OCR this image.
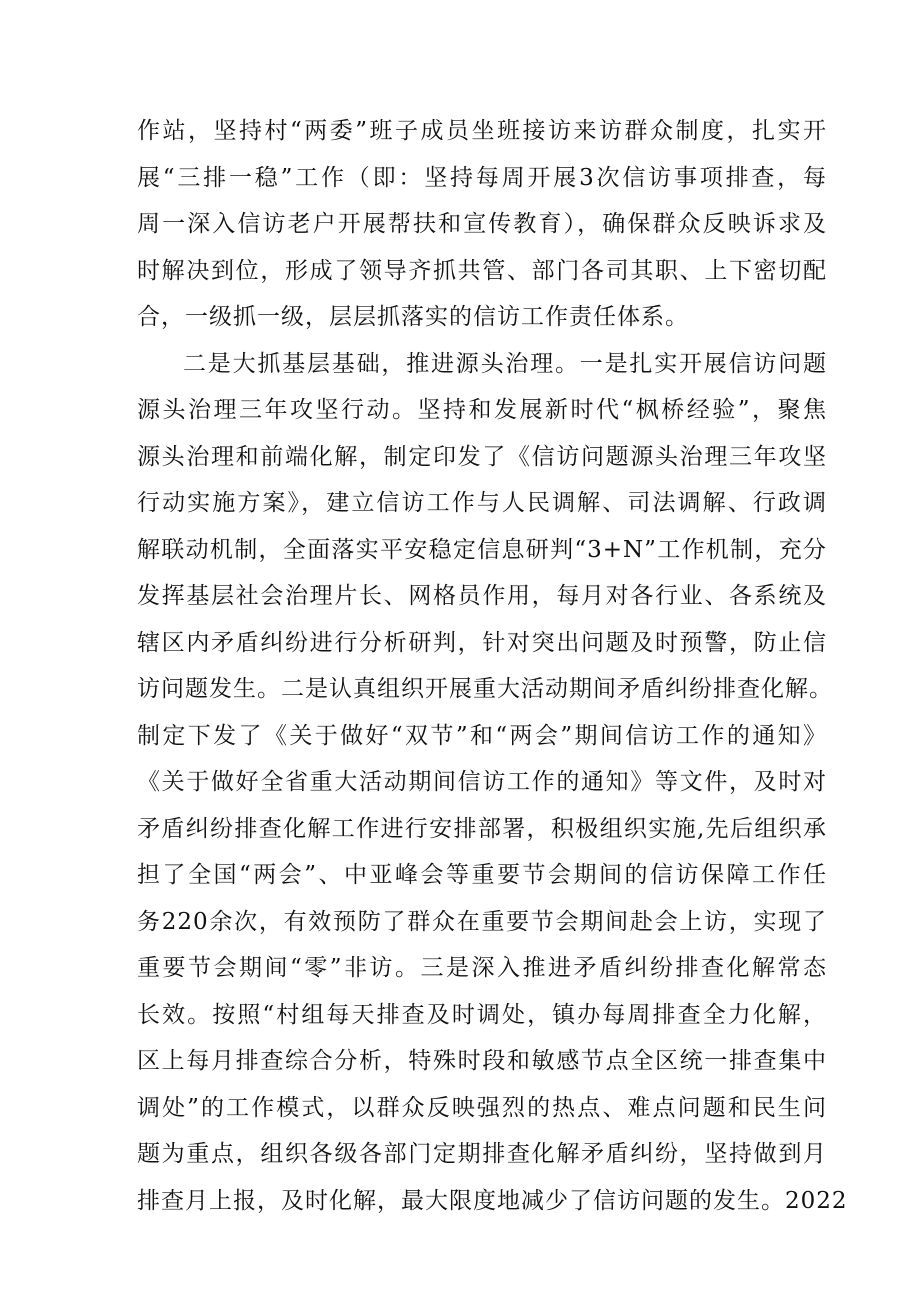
作站，坚持村“两委”班子成员坐班接访来访群众制度，扎实开
展“三排一稳”工作（即：坚持每周开展3次信访事项排查，每
周一深入信访老户开展帮扶和宣传教育），确保群众反映诉求及
时解决到位，形成了领导齐抓共管、部门各司其职、上下密切配
合，一级抓一级，层层抓落实的信访工作责任体系。
二是大抓基层基础，推进源头治理。一是扎实开展信访问题
源头治理三年攻坚行动。坚持和发展新时代“枫桥经验”，聚焦
源头治理和前端化解，制定印发了《信访问题源头治理三年攻坚
行动实施方案》，建立信访工作与人民调解、司法调解、行政调
解联动机制，全面落实平安稳定信息研判“3+N”工作机制，充分
发挥基层社会治理片长、网格员作用，每月对各行业、各系统及
辖区内矛盾纠纷进行分析研判，针对突出问题及时预警，防止信
访问题发生。二是认真组织开展重大活动期间矛盾纠纷排查化解。
制定下发了《关于做好“双节”和“两会”期间信访工作的通知》
《关于做好全省重大活动期间信访工作的通知》等文件，及时对
矛盾纠纷排查化解工作进行安排部署，积极组织实施,先后组织承
担了全国“两会”、中亚峰会等重要节会期间的信访保障工作任
务220余次，有效预防了群众在重要节会期间赴会上访，实现了
重要节会期间“零”非访。三是深入推进矛盾纠纷排查化解常态
长效。按照“村组每天排查及时调处，镇办每周排查全力化解，
区上每月排查综合分析，特殊时段和敏感节点全区统一排查集中
调处”的工作模式，以群众反映强烈的热点、难点问题和民生问
题为重点，组织各级各部门定期排查化解矛盾纠纷，坚持做到月
排查月上报，及时化解，最大限度地减少了信访问题的发生。2022
